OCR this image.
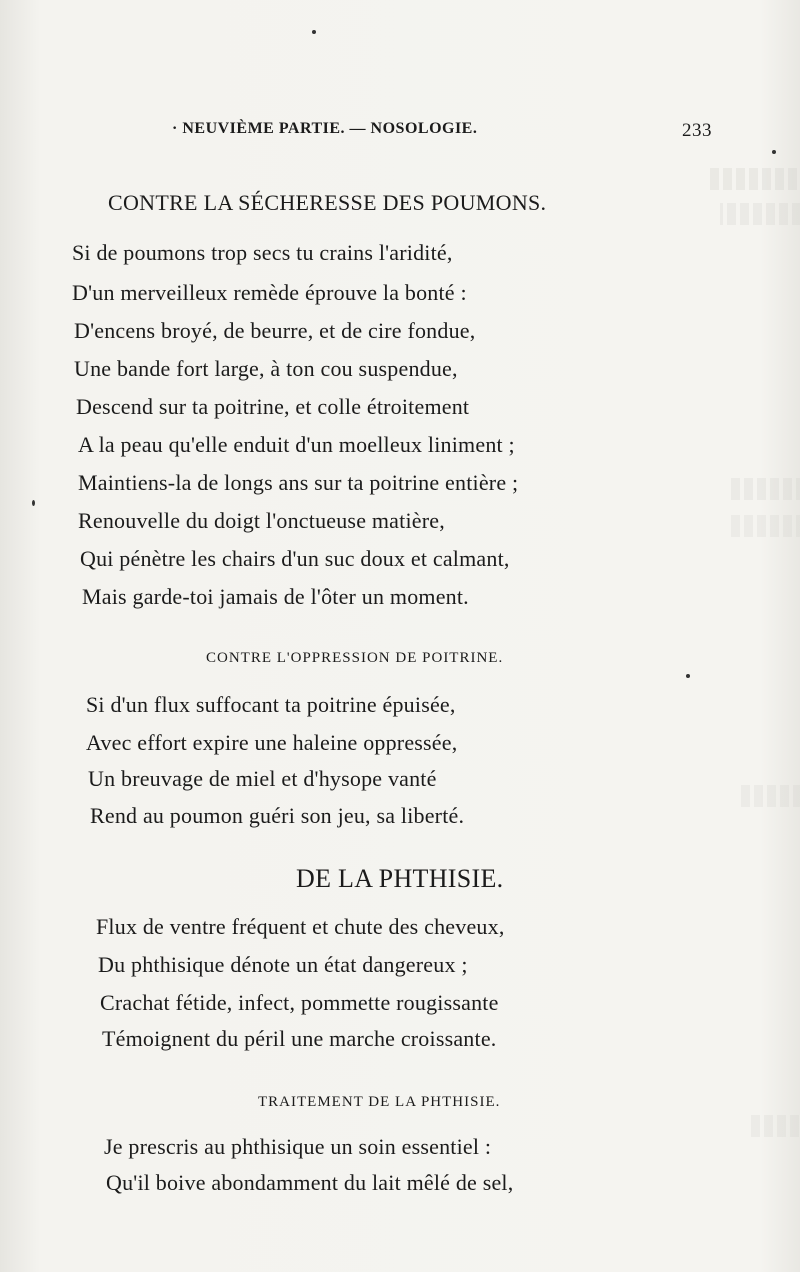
· NEUVIÈME PARTIE. — NOSOLOGIE.	233
CONTRE LA SÉCHERESSE DES POUMONS.
Si de poumons trop secs tu crains l'aridité,
D'un merveilleux remède éprouve la bonté :
D'encens broyé, de beurre, et de cire fondue,
Une bande fort large, à ton cou suspendue,
Descend sur ta poitrine, et colle étroitement
A la peau qu'elle enduit d'un moelleux liniment ;
Maintiens-la de longs ans sur ta poitrine entière ;
Renouvelle du doigt l'onctueuse matière,
Qui pénètre les chairs d'un suc doux et calmant,
Mais garde-toi jamais de l'ôter un moment.
CONTRE L'OPPRESSION DE POITRINE.
Si d'un flux suffocant ta poitrine épuisée,
Avec effort expire une haleine oppressée,
Un breuvage de miel et d'hysope vanté
Rend au poumon guéri son jeu, sa liberté.
DE LA PHTHISIE.
Flux de ventre fréquent et chute des cheveux,
Du phthisique dénote un état dangereux ;
Crachat fétide, infect, pommette rougissante
Témoignent du péril une marche croissante.
TRAITEMENT DE LA PHTHISIE.
Je prescris au phthisique un soin essentiel :
Qu'il boive abondamment du lait mêlé de sel,
